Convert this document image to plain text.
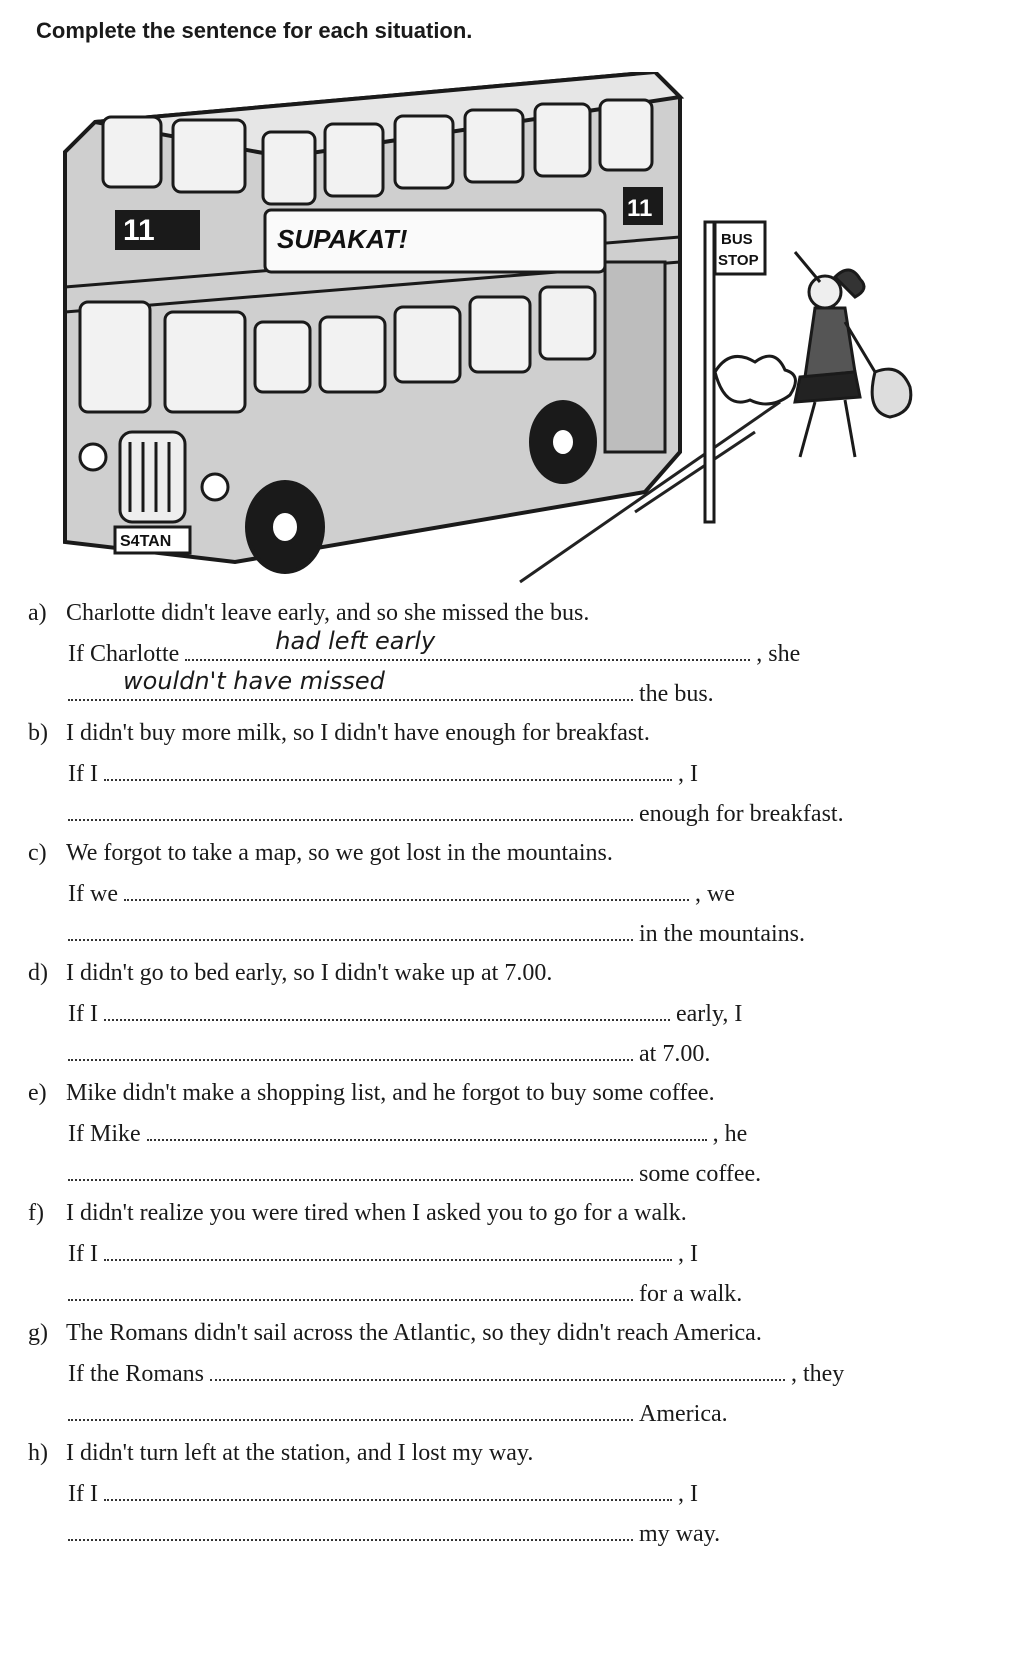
Complete the sentence for each situation.
11
11
SUPAKAT!
S4TAN
BUS
STOP
a) Charlotte didn't leave early, and so she missed the bus.
If Charlotte	had left early	, she
wouldn't have missed	the bus.
b) I didn't buy more milk, so I didn't have enough for breakfast.
If I	, I
enough for breakfast.
c) We forgot to take a map, so we got lost in the mountains.
If we	, we
in the mountains.
d) I didn't go to bed early, so I didn't wake up at 7.00.
If I	early, I
at 7.00.
e) Mike didn't make a shopping list, and he forgot to buy some coffee.
If Mike	, he
some coffee.
f) I didn't realize you were tired when I asked you to go for a walk.
If I	, I
for a walk.
g) The Romans didn't sail across the Atlantic, so they didn't reach America.
If the Romans	, they
America.
h) I didn't turn left at the station, and I lost my way.
If I	, I
my way.
